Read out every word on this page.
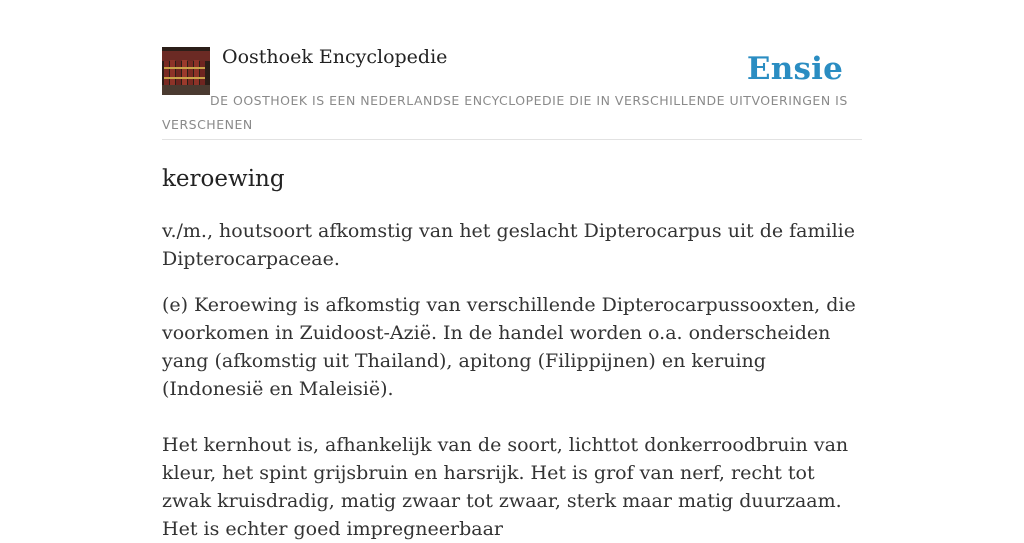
Oosthoek Encyclopedie	Ensie

DE OOSTHOEK IS EEN NEDERLANDSE ENCYCLOPEDIE DIE IN VERSCHILLENDE UITVOERINGEN IS VERSCHENEN

keroewing

v./m., houtsoort afkomstig van het geslacht Dipterocarpus uit de familie Dipterocarpaceae.

(e) Keroewing is afkomstig van verschillende Dipterocarpussooxten, die voorkomen in Zuidoost-Azië. In de handel worden o.a. onderscheiden yang (afkomstig uit Thailand), apitong (Filippijnen) en keruing (Indonesië en Maleisië).

Het kernhout is, afhankelijk van de soort, lichttot donkerroodbruin van kleur, het spint grijsbruin en harsrijk. Het is grof van nerf, recht tot zwak kruisdradig, matig zwaar tot zwaar, sterk maar matig duurzaam. Het is echter goed impregneerbaar
